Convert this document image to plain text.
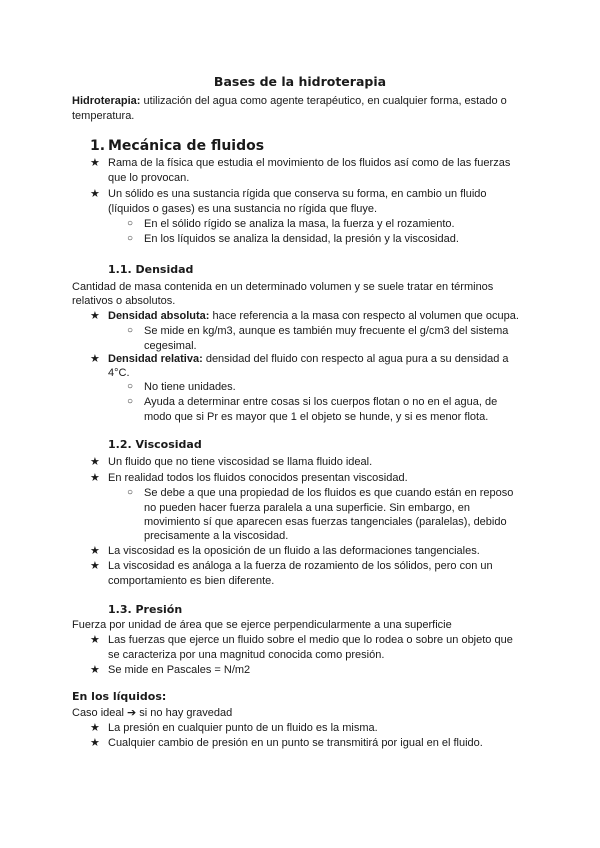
Bases de la hidroterapia
Hidroterapia: utilización del agua como agente terapéutico, en cualquier forma, estado o
temperatura.
1. Mecánica de fluidos
★ Rama de la física que estudia el movimiento de los fluidos así como de las fuerzas
que lo provocan.
★ Un sólido es una sustancia rígida que conserva su forma, en cambio un fluido
(líquidos o gases) es una sustancia no rígida que fluye.
○ En el sólido rígido se analiza la masa, la fuerza y el rozamiento.
○ En los líquidos se analiza la densidad, la presión y la viscosidad.
1.1. Densidad
Cantidad de masa contenida en un determinado volumen y se suele tratar en términos
relativos o absolutos.
★ Densidad absoluta: hace referencia a la masa con respecto al volumen que ocupa.
○ Se mide en kg/m3, aunque es también muy frecuente el g/cm3 del sistema
cegesimal.
★ Densidad relativa: densidad del fluido con respecto al agua pura a su densidad a
4°C.
○ No tiene unidades.
○ Ayuda a determinar entre cosas si los cuerpos flotan o no en el agua, de
modo que si Pr es mayor que 1 el objeto se hunde, y si es menor flota.
1.2. Viscosidad
★ Un fluido que no tiene viscosidad se llama fluido ideal.
★ En realidad todos los fluidos conocidos presentan viscosidad.
○ Se debe a que una propiedad de los fluidos es que cuando están en reposo
no pueden hacer fuerza paralela a una superficie. Sin embargo, en
movimiento sí que aparecen esas fuerzas tangenciales (paralelas), debido
precisamente a la viscosidad.
★ La viscosidad es la oposición de un fluido a las deformaciones tangenciales.
★ La viscosidad es análoga a la fuerza de rozamiento de los sólidos, pero con un
comportamiento es bien diferente.
1.3. Presión
Fuerza por unidad de área que se ejerce perpendicularmente a una superficie
★ Las fuerzas que ejerce un fluido sobre el medio que lo rodea o sobre un objeto que
se caracteriza por una magnitud conocida como presión.
★ Se mide en Pascales = N/m2
En los líquidos:
Caso ideal ➔ si no hay gravedad
★ La presión en cualquier punto de un fluido es la misma.
★ Cualquier cambio de presión en un punto se transmitirá por igual en el fluido.
